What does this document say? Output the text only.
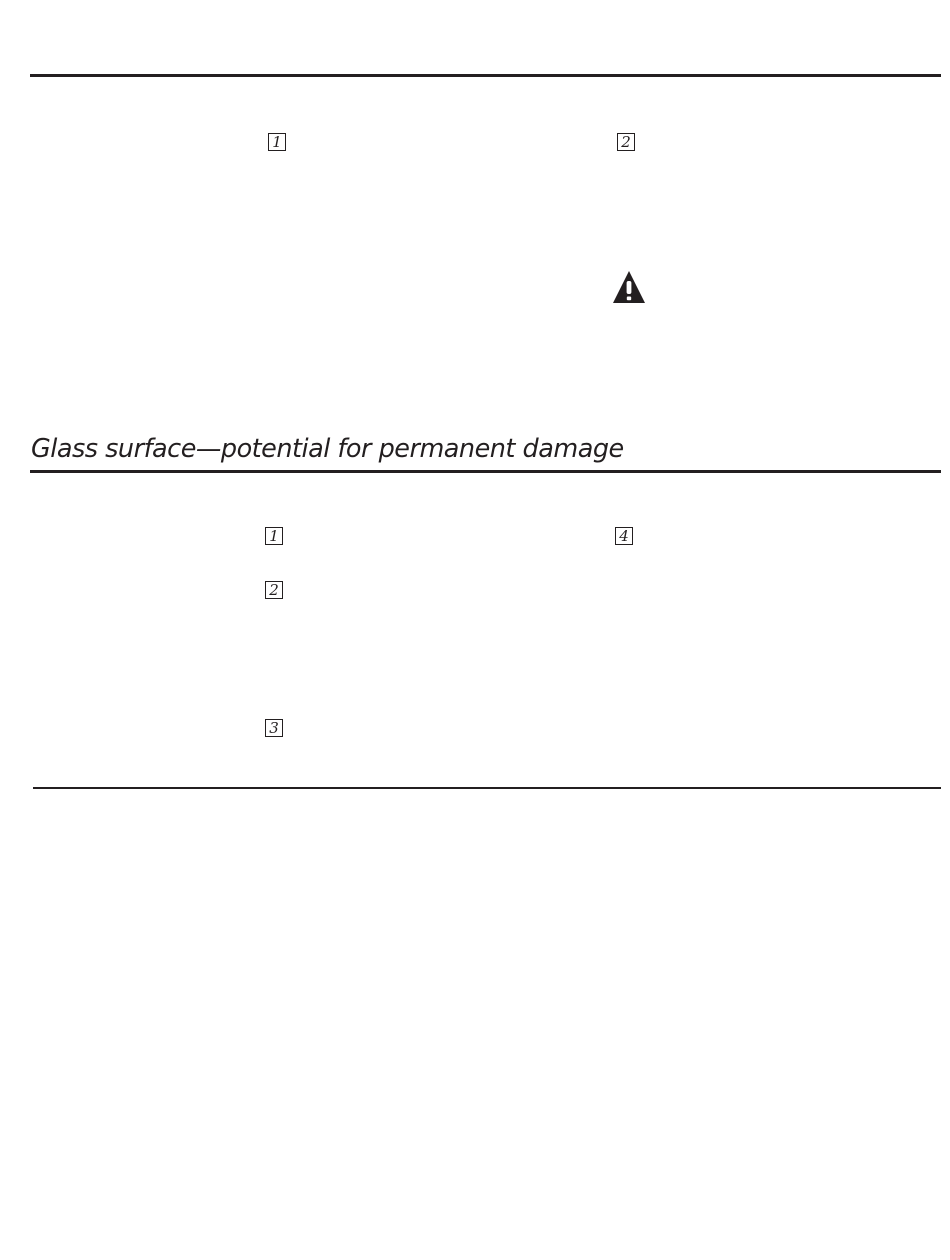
1	2
Glass surface—potential for permanent damage
1
2
3
4
